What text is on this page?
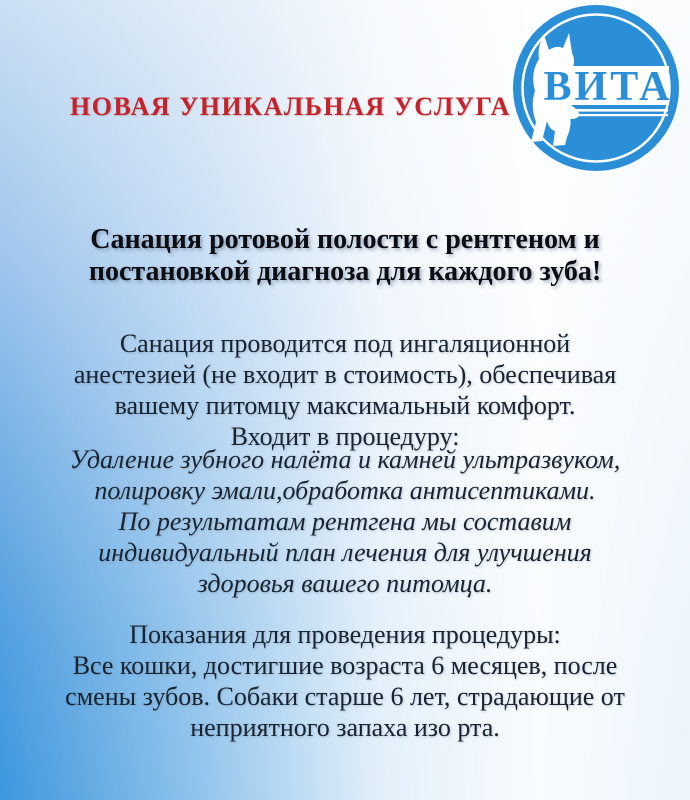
НОВАЯ УНИКАЛЬНАЯ УСЛУГА ВИТА
Санация ротовой полости с рентгеном и
постановкой диагноза для каждого зуба!
Санация проводится под ингаляционной
анестезией (не входит в стоимость), обеспечивая
вашему питомцу максимальный комфорт.
Входит в процедуру:
Удаление зубного налёта и камней ультразвуком,
полировку эмали,обработка антисептиками.
По результатам рентгена мы составим
индивидуальный план лечения для улучшения
здоровья вашего питомца.
Показания для проведения процедуры:
Все кошки, достигшие возраста 6 месяцев, после
смены зубов. Собаки старше 6 лет, страдающие от
неприятного запаха изо рта.
